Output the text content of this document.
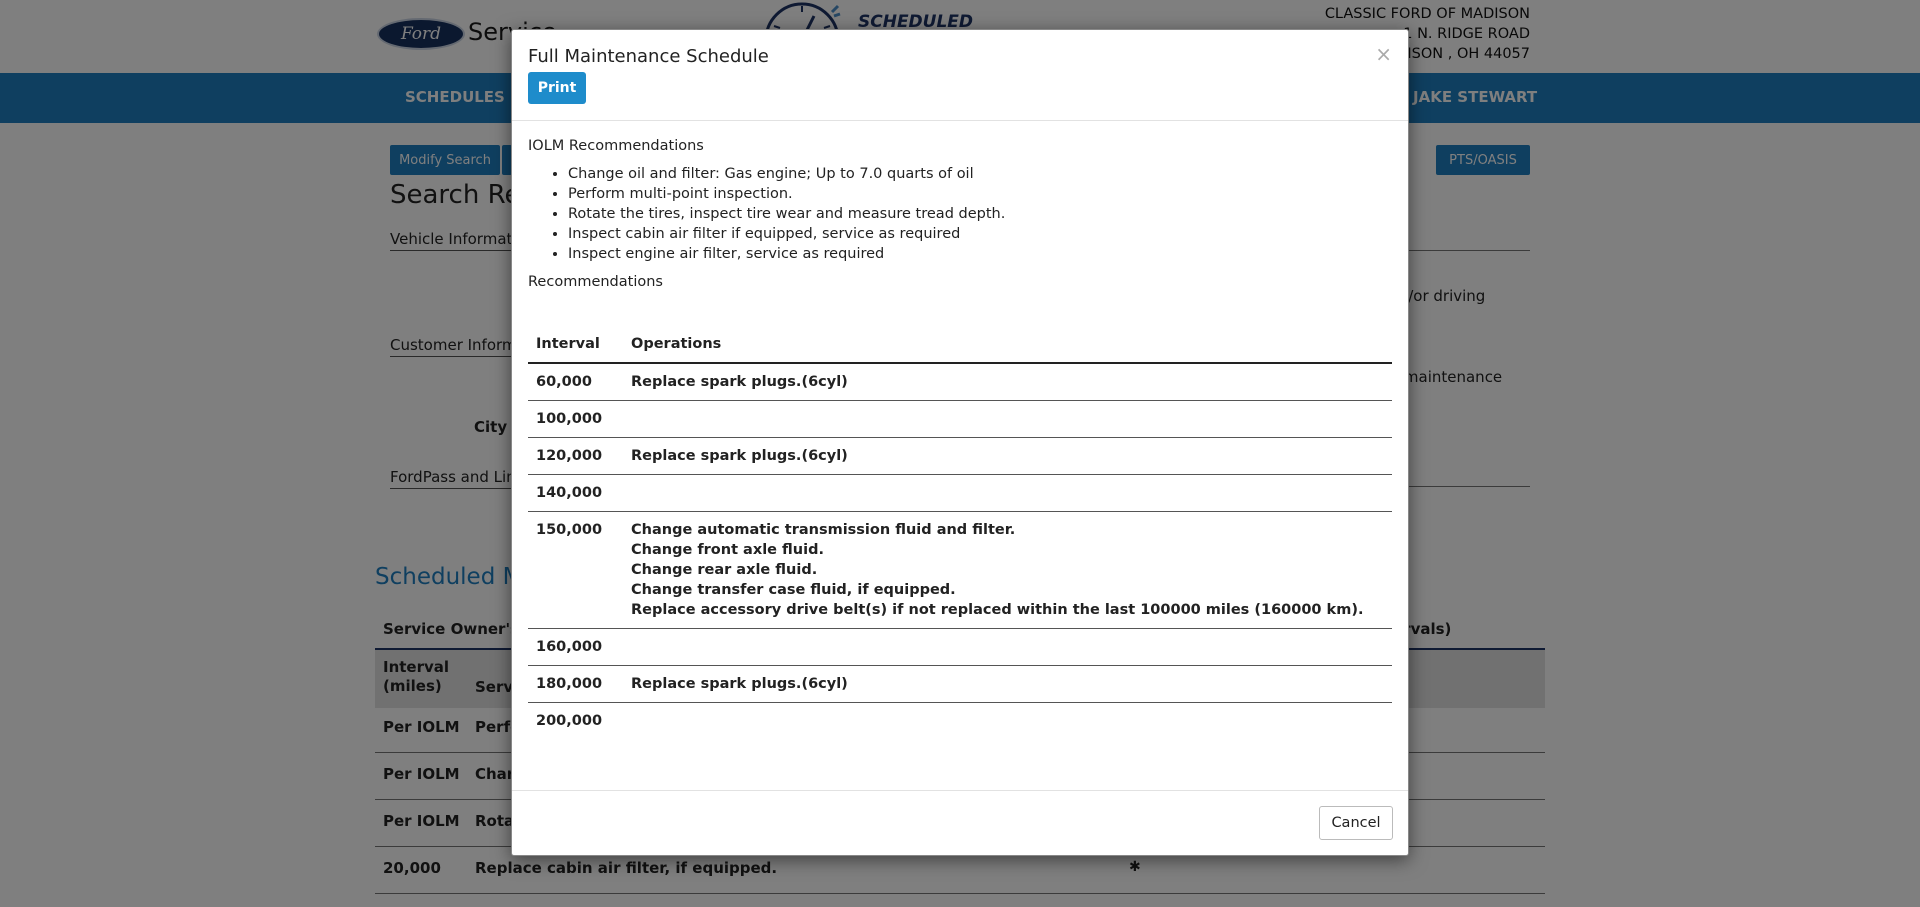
Full Maintenance Schedule	×
Print

IOLM Recommendations

• Change oil and filter: Gas engine; Up to 7.0 quarts of oil
• Perform multi-point inspection.
• Rotate the tires, inspect tire wear and measure tread depth.
• Inspect cabin air filter if equipped, service as required
• Inspect engine air filter, service as required

Recommendations

Interval	Operations
60,000	Replace spark plugs.(6cyl)

100,000	
120,000	Replace spark plugs.(6cyl)

140,000	
150,000	Change automatic transmission fluid and filter.
Change front axle fluid.
Change rear axle fluid.
Change transfer case fluid, if equipped.
Replace accessory drive belt(s) if not replaced within the last 100000 miles (160000 km).

160,000	
180,000	Replace spark plugs.(6cyl)

200,000	
Cancel
